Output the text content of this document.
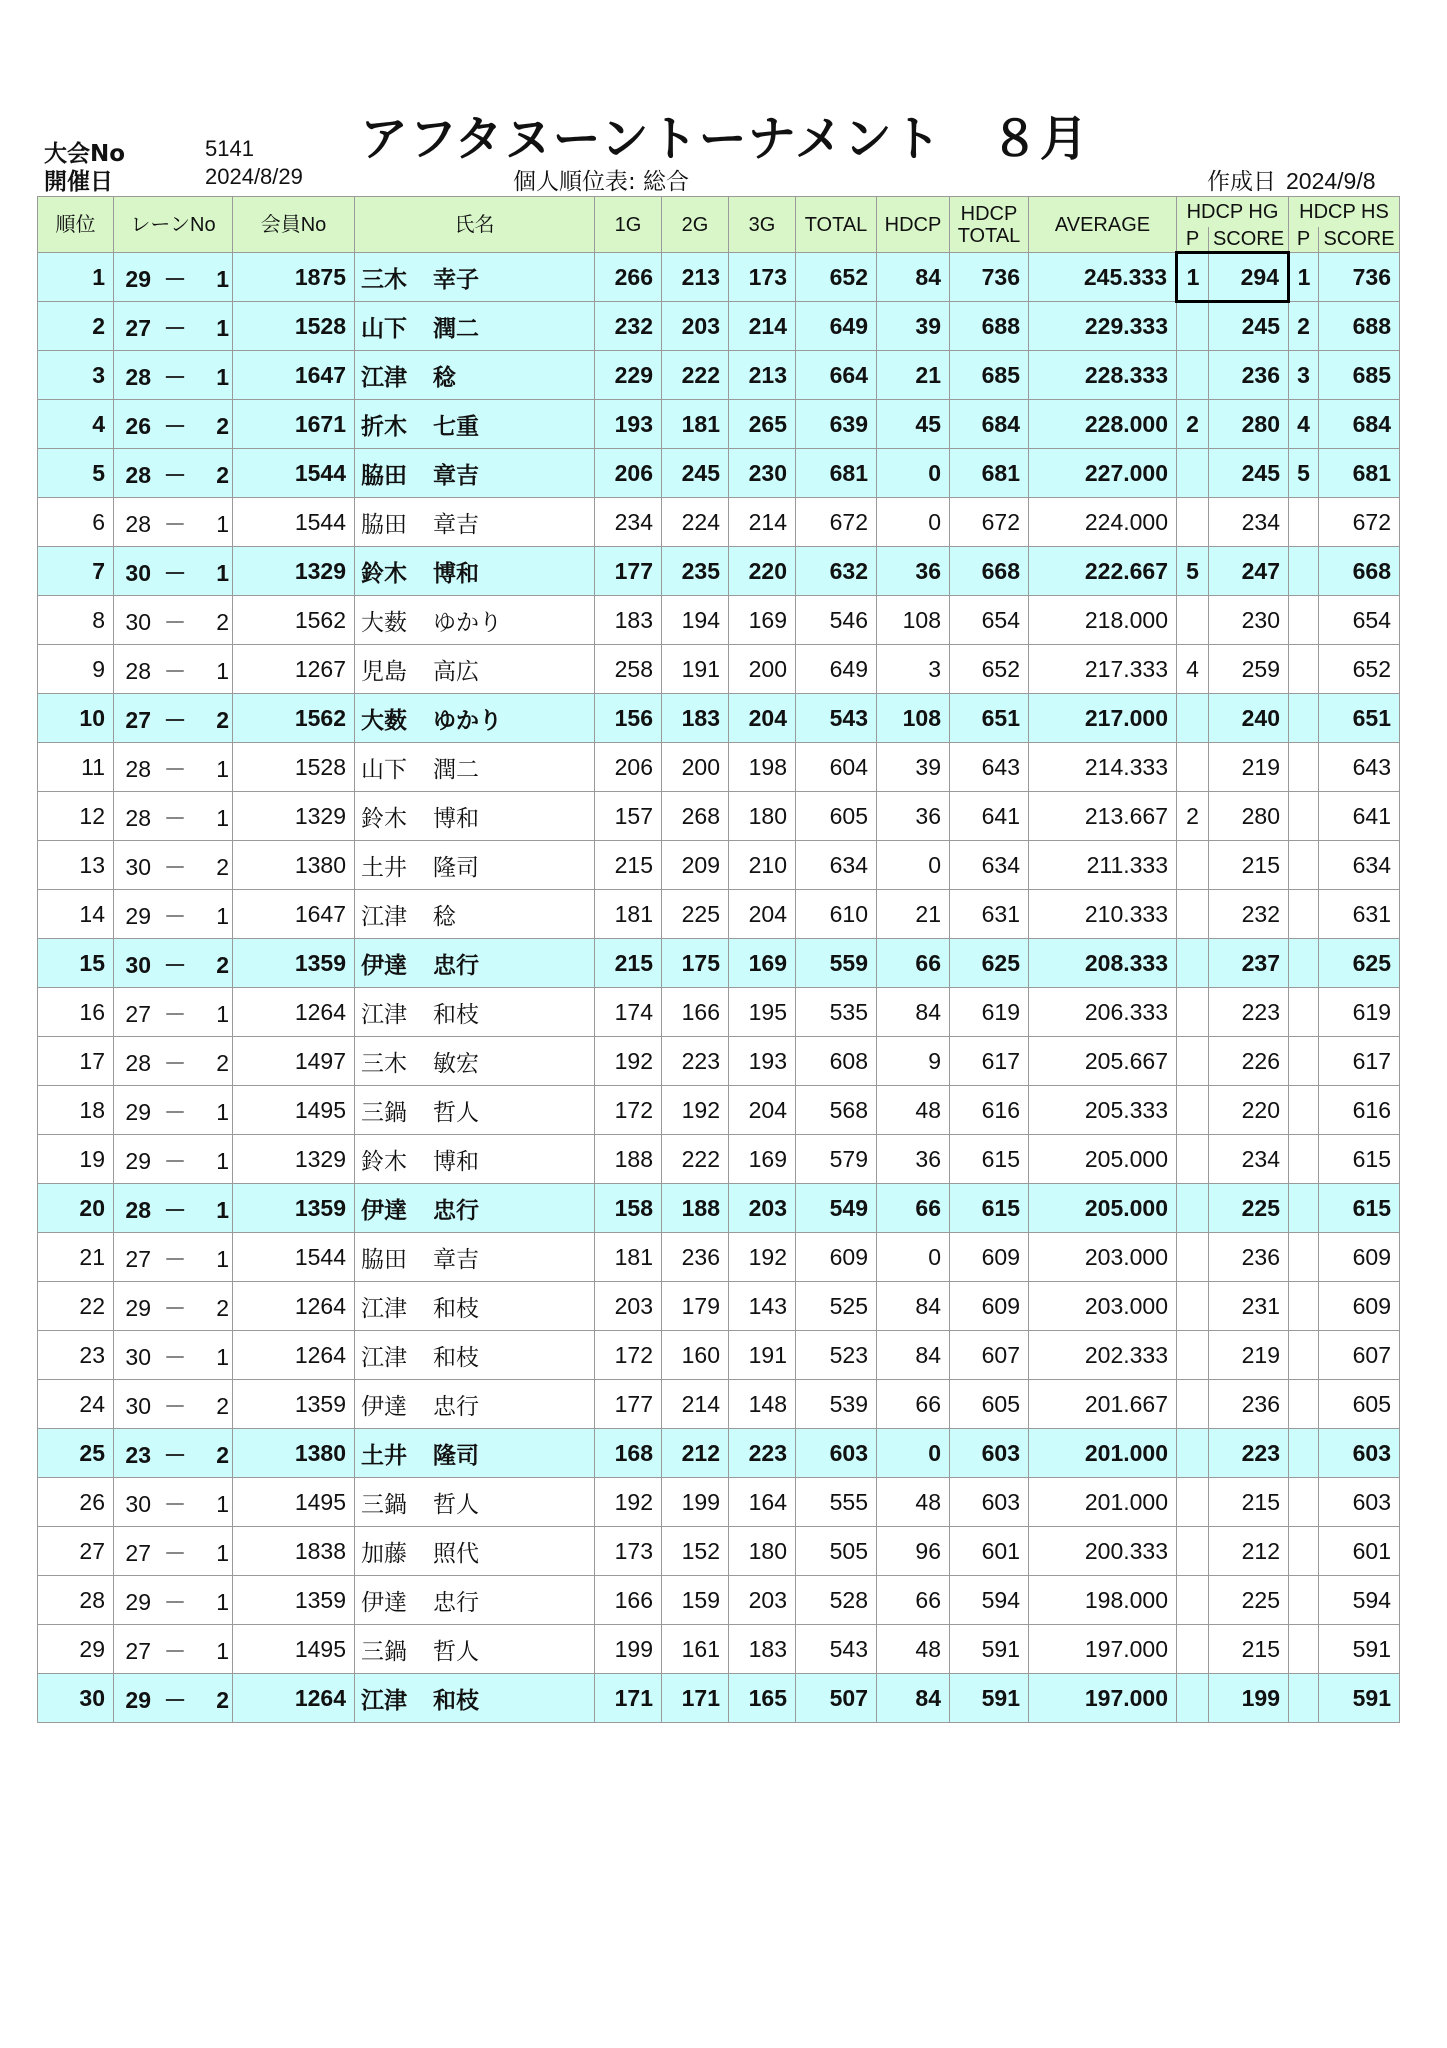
大会No	5141
開催日	2024/8/29
アフタヌーントーナメント　８月
個人順位表: 総合	作成日 2024/9/8
順位	レーンNo	会員No	氏名	1G	2G	3G	TOTAL	HDCP	HDCP
TOTAL	AVERAGE	HDCP HG		HDCP HS	
											P	SCORE	P	SCORE
1	29 － 1	1875	三木 幸子	266	213	173	652	84	736	245.333	1	294	1	736
2	27 － 1	1528	山下 潤二	232	203	214	649	39	688	229.333		245	2	688
3	28 － 1	1647	江津 稔	229	222	213	664	21	685	228.333		236	3	685
4	26 － 2	1671	折木 七重	193	181	265	639	45	684	228.000	2	280	4	684
5	28 － 2	1544	脇田 章吉	206	245	230	681	0	681	227.000		245	5	681
6	28 － 1	1544	脇田 章吉	234	224	214	672	0	672	224.000		234		672
7	30 － 1	1329	鈴木 博和	177	235	220	632	36	668	222.667	5	247		668
8	30 － 2	1562	大薮 ゆかり	183	194	169	546	108	654	218.000		230		654
9	28 － 1	1267	児島 高広	258	191	200	649	3	652	217.333	4	259		652
10	27 － 2	1562	大薮 ゆかり	156	183	204	543	108	651	217.000		240		651
11	28 － 1	1528	山下 潤二	206	200	198	604	39	643	214.333		219		643
12	28 － 1	1329	鈴木 博和	157	268	180	605	36	641	213.667	2	280		641
13	30 － 2	1380	土井 隆司	215	209	210	634	0	634	211.333		215		634
14	29 － 1	1647	江津 稔	181	225	204	610	21	631	210.333		232		631
15	30 － 2	1359	伊達 忠行	215	175	169	559	66	625	208.333		237		625
16	27 － 1	1264	江津 和枝	174	166	195	535	84	619	206.333		223		619
17	28 － 2	1497	三木 敏宏	192	223	193	608	9	617	205.667		226		617
18	29 － 1	1495	三鍋 哲人	172	192	204	568	48	616	205.333		220		616
19	29 － 1	1329	鈴木 博和	188	222	169	579	36	615	205.000		234		615
20	28 － 1	1359	伊達 忠行	158	188	203	549	66	615	205.000		225		615
21	27 － 1	1544	脇田 章吉	181	236	192	609	0	609	203.000		236		609
22	29 － 2	1264	江津 和枝	203	179	143	525	84	609	203.000		231		609
23	30 － 1	1264	江津 和枝	172	160	191	523	84	607	202.333		219		607
24	30 － 2	1359	伊達 忠行	177	214	148	539	66	605	201.667		236		605
25	23 － 2	1380	土井 隆司	168	212	223	603	0	603	201.000		223		603
26	30 － 1	1495	三鍋 哲人	192	199	164	555	48	603	201.000		215		603
27	27 － 1	1838	加藤 照代	173	152	180	505	96	601	200.333		212		601
28	29 － 1	1359	伊達 忠行	166	159	203	528	66	594	198.000		225		594
29	27 － 1	1495	三鍋 哲人	199	161	183	543	48	591	197.000		215		591
30	29 － 2	1264	江津 和枝	171	171	165	507	84	591	197.000		199		591
